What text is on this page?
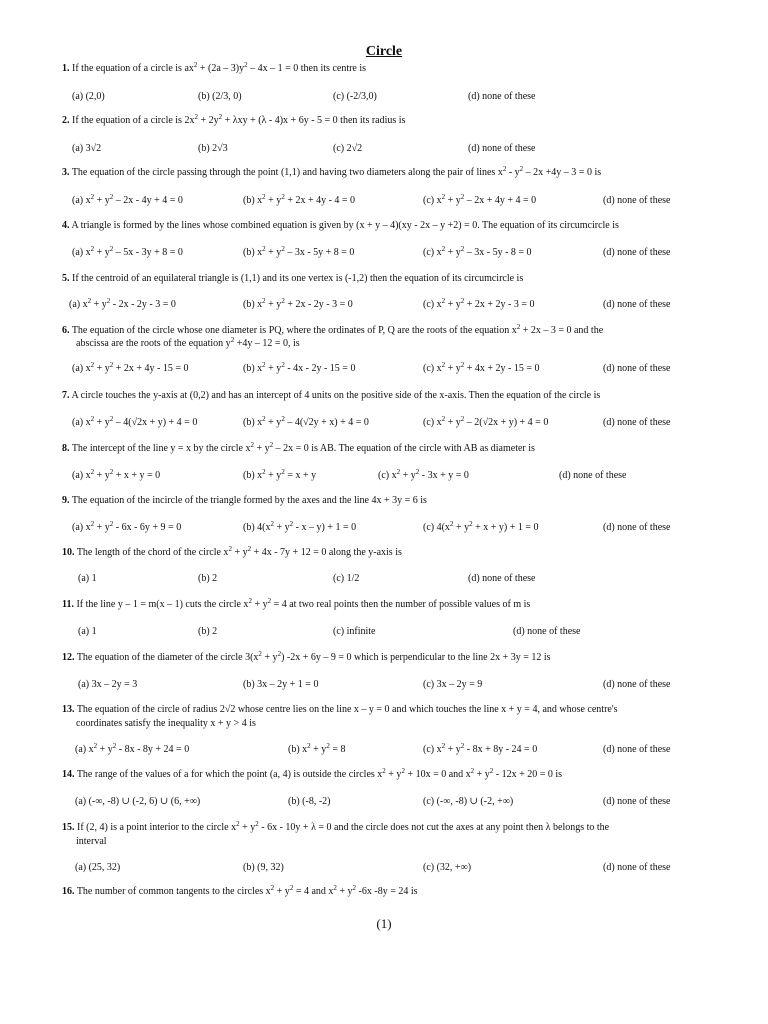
Circle
1. If the equation of a circle is $ax^2 + (2a - 3)y^2 - 4x - 1 = 0$ then its centre is
(a) (2,0)	(b) (2/3, 0)	(c) (-2/3,0)	(d) none of these
2. If the equation of a circle is $2x^2 + 2y^2 + \lambda xy + (\lambda - 4)x + 6y - 5 = 0$ then its radius is
(a) 3√2	(b) 2√3	(c) 2√2	(d) none of these
3. The equation of the circle passing through the point (1,1) and having two diameters along the pair of lines $x^2 - y^2 - 2x +4y - 3 = 0$ is
(a) $x^2 + y^2 - 2x - 4y + 4 = 0$	(b) $x^2 + y^2 + 2x + 4y - 4 = 0$	(c) $x^2 + y^2 - 2x + 4y + 4 = 0$	(d) none of these
4. A triangle is formed by the lines whose combined equation is given by (x + y – 4)(xy - 2x – y +2) = 0. The equation of its circumcircle is
(a) $x^2 + y^2 - 5x - 3y + 8 = 0$	(b) $x^2 + y^2 - 3x - 5y + 8 = 0$	(c) $x^2 + y^2 - 3x - 5y - 8 = 0$	(d) none of these
5. If the centroid of an equilateral triangle is (1,1) and its one vertex is (-1,2) then the equation of its circumcircle is
(a) $x^2 + y^2 - 2x - 2y - 3 = 0$	(b) $x^2 + y^2 + 2x - 2y - 3 = 0$	(c) $x^2 + y^2 + 2x + 2y - 3 = 0$	(d) none of these
6. The equation of the circle whose one diameter is PQ, where the ordinates of P, Q are the roots of the equation $x^2 + 2x - 3 = 0$ and the
abscissa are the roots of the equation $y^2 +4y - 12 = 0$, is
(a) $x^2 + y^2 + 2x + 4y - 15 = 0$	(b) $x^2 + y^2 - 4x - 2y - 15 = 0$	(c) $x^2 + y^2 + 4x + 2y - 15 = 0$	(d) none of these
7. A circle touches the y-axis at (0,2) and has an intercept of 4 units on the positive side of the x-axis. Then the equation of the circle is
(a) $x^2 + y^2 - 4(√2x + y) + 4 = 0$	(b) $x^2 + y^2 - 4(√2y + x) + 4 = 0$	(c) $x^2 + y^2 - 2(√2x + y) + 4 = 0$	(d) none of these
8. The intercept of the line y = x by the circle $x^2 + y^2 - 2x = 0$ is AB. The equation of the circle with AB as diameter is
(a) $x^2 + y^2 + x + y = 0$	(b) $x^2 + y^2 = x + y$	(c) $x^2 + y^2 - 3x + y = 0$	(d) none of these
9. The equation of the incircle of the triangle formed by the axes and the line 4x + 3y = 6 is
(a) $x^2 + y^2 - 6x - 6y + 9 = 0$	(b) $4(x^2 + y^2 - x - y) + 1 = 0$	(c) $4(x^2 + y^2 + x + y) + 1 = 0$	(d) none of these
10. The length of the chord of the circle $x^2 + y^2 + 4x - 7y + 12 = 0$ along the y-axis is
(a) 1	(b) 2	(c) 1/2	(d) none of these
11. If the line y – 1 = m(x – 1) cuts the circle $x^2 + y^2 = 4$ at two real points then the number of possible values of m is
(a) 1	(b) 2	(c) infinite	(d) none of these
12. The equation of the diameter of the circle $3(x^2 + y^2) -2x + 6y - 9 = 0$ which is perpendicular to the line 2x + 3y = 12 is
(a) 3x – 2y = 3	(b) 3x – 2y + 1 = 0	(c) 3x – 2y = 9	(d) none of these
13. The equation of the circle of radius 2√2 whose centre lies on the line x – y = 0 and which touches the line x + y = 4, and whose centre's
coordinates satisfy the inequality x + y > 4 is
(a) $x^2 + y^2 - 8x - 8y + 24 = 0$	(b) $x^2 + y^2 = 8$	(c) $x^2 + y^2 - 8x + 8y - 24 = 0$	(d) none of these
14. The range of the values of a for which the point (a, 4) is outside the circles $x^2 + y^2 + 10x = 0$ and $x^2 + y^2 - 12x + 20 = 0$ is
(a) (-∞, -8) ∪ (-2, 6) ∪ (6, +∞)	(b) (-8, -2)	(c) (-∞, -8) ∪ (-2, +∞)	(d) none of these
15. If (2, 4) is a point interior to the circle $x^2 + y^2 - 6x - 10y + \lambda = 0$ and the circle does not cut the axes at any point then λ belongs to the
interval
(a) (25, 32)	(b) (9, 32)	(c) (32, +∞)	(d) none of these
16. The number of common tangents to the circles $x^2 + y^2 = 4$ and $x^2 + y^2$ -6x -8y = 24 is
(1)
